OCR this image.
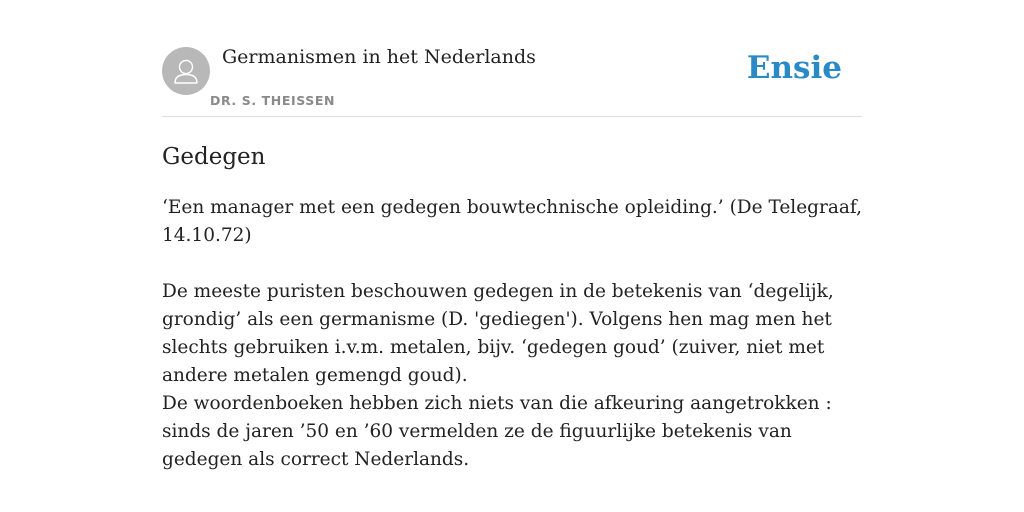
Germanismen in het Nederlands
DR. S. THEISSEN
Ensie
Gedegen

‘Een manager met een gedegen bouwtechnische opleiding.’ (De Telegraaf, 14.10.72)

De meeste puristen beschouwen gedegen in de betekenis van ‘degelijk, grondig’ als een germanisme (D. 'gediegen'). Volgens hen mag men het slechts gebruiken i.v.m. metalen, bijv. ‘gedegen goud’ (zuiver, niet met andere metalen gemengd goud).

De woordenboeken hebben zich niets van die afkeuring aangetrokken : sinds de jaren ’50 en ’60 vermelden ze de figuurlijke betekenis van gedegen als correct Nederlands.
